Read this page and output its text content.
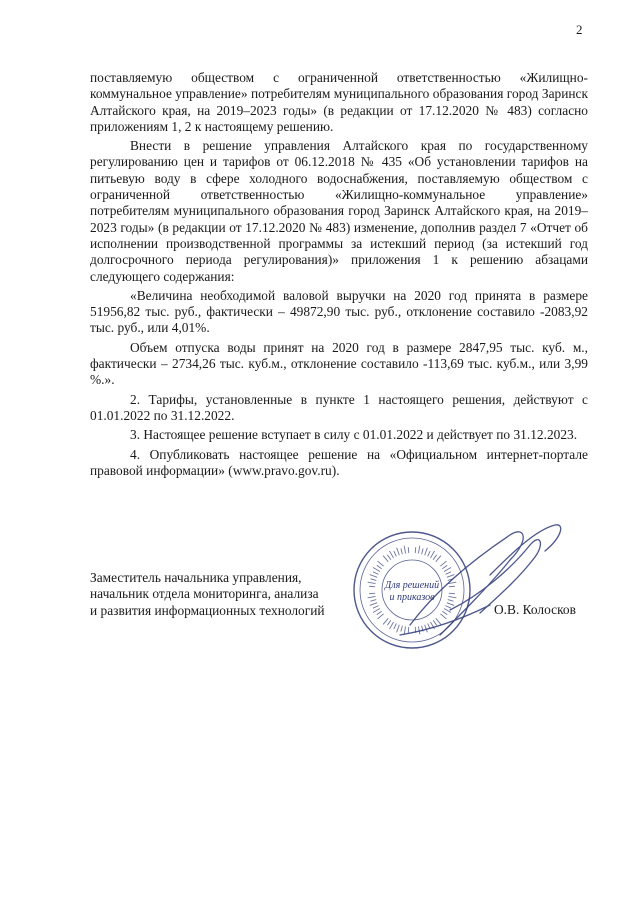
2

поставляемую обществом с ограниченной ответственностью «Жилищно-коммунальное управление» потребителям муниципального образования город Заринск Алтайского края, на 2019–2023 годы» (в редакции от 17.12.2020 № 483) согласно приложениям 1, 2 к настоящему решению.

Внести в решение управления Алтайского края по государственному регулированию цен и тарифов от 06.12.2018 № 435 «Об установлении тарифов на питьевую воду в сфере холодного водоснабжения, поставляемую обществом с ограниченной ответственностью «Жилищно-коммунальное управление» потребителям муниципального образования город Заринск Алтайского края, на 2019–2023 годы» (в редакции от 17.12.2020 № 483) изменение, дополнив раздел 7 «Отчет об исполнении производственной программы за истекший период (за истекший год долгосрочного периода регулирования)» приложения 1 к решению абзацами следующего содержания:

«Величина необходимой валовой выручки на 2020 год принята в размере 51956,82 тыс. руб., фактически – 49872,90 тыс. руб., отклонение составило -2083,92 тыс. руб., или 4,01%.

Объем отпуска воды принят на 2020 год в размере 2847,95 тыс. куб. м., фактически – 2734,26 тыс. куб.м., отклонение составило -113,69 тыс. куб.м., или 3,99 %.».

2. Тарифы, установленные в пункте 1 настоящего решения, действуют с 01.01.2022 по 31.12.2022.

3. Настоящее решение вступает в силу с 01.01.2022 и действует по 31.12.2023.

4. Опубликовать настоящее решение на «Официальном интернет-портале правовой информации» (www.pravo.gov.ru).

Для решений
и приказов
Заместитель начальника управления,
начальник отдела мониторинга, анализа
и развития информационных технологий	О.В. Колосков
